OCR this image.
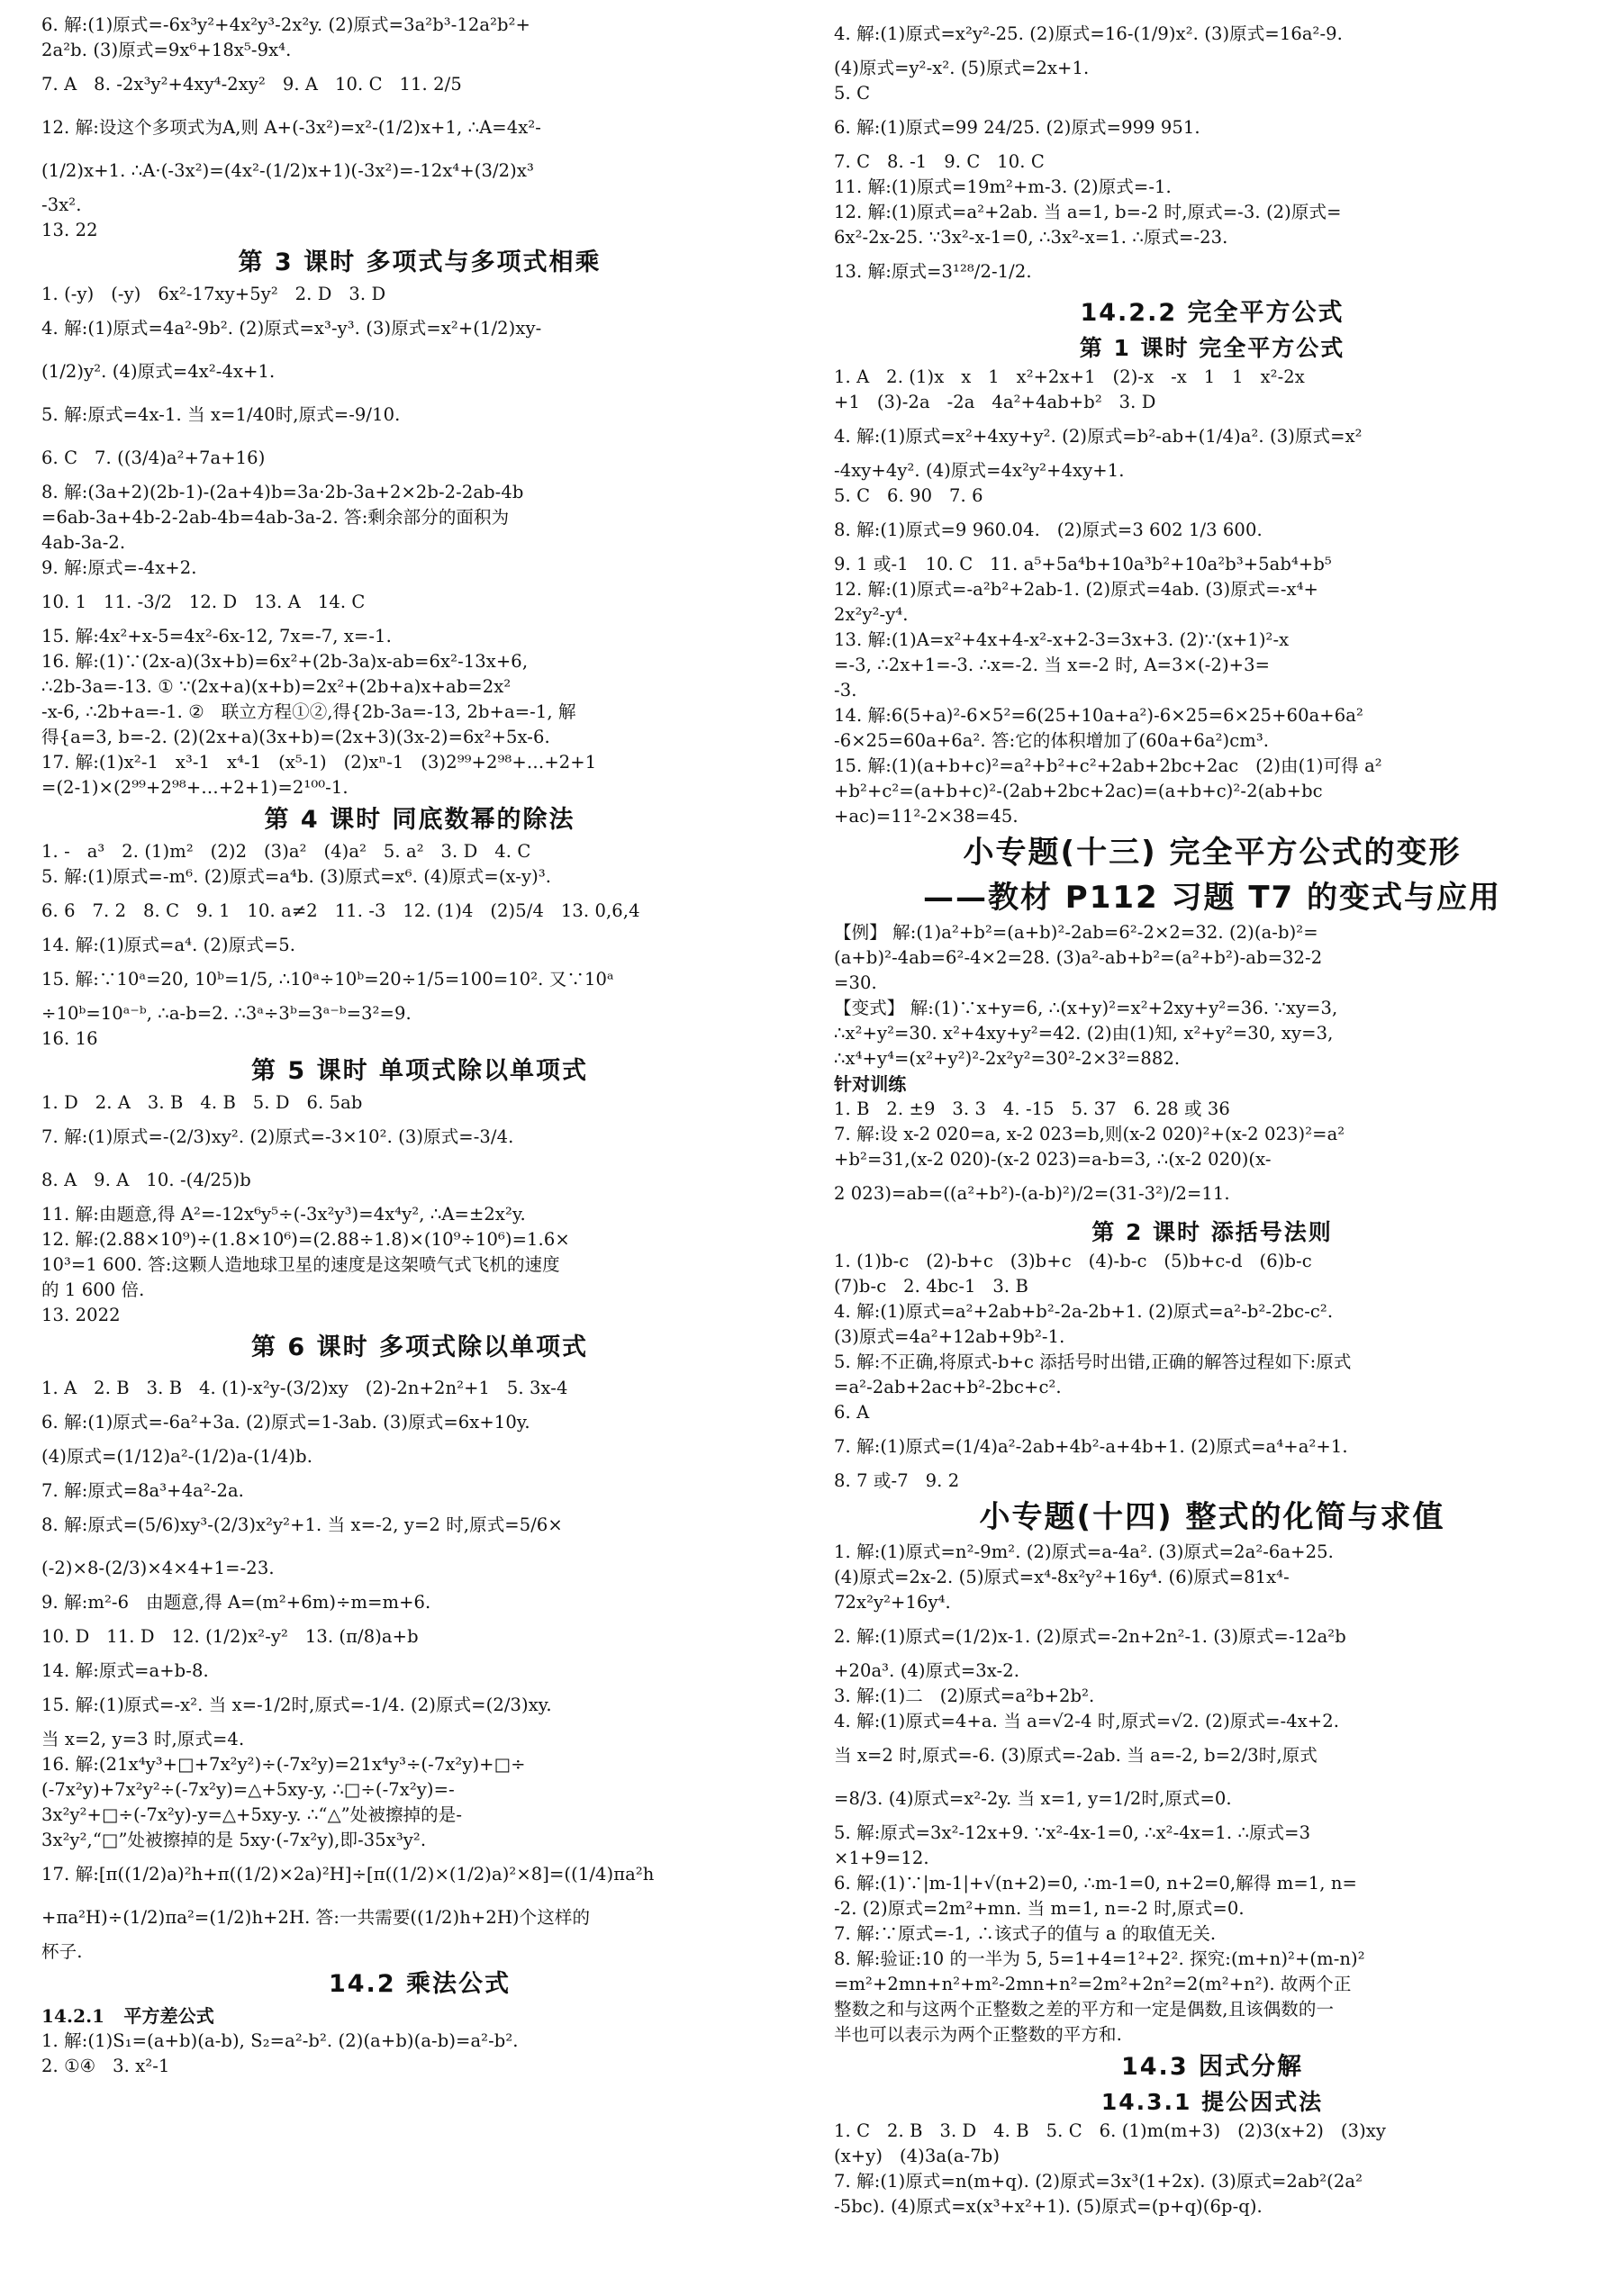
6. 解:(1)原式=-6x³y²+4x²y³-2x²y. (2)原式=3a²b³-12a²b²+
2a²b. (3)原式=9x⁶+18x⁵-9x⁴.
7. A   8. -2x³y²+4xy⁴-2xy²   9. A   10. C   11. 2/5
12. 解:设这个多项式为A,则 A+(-3x²)=x²-(1/2)x+1, ∴A=4x²-
(1/2)x+1. ∴A·(-3x²)=(4x²-(1/2)x+1)(-3x²)=-12x⁴+(3/2)x³
-3x².
13. 22
第 3 课时 多项式与多项式相乘
1. (-y)   (-y)   6x²-17xy+5y²   2. D   3. D
4. 解:(1)原式=4a²-9b². (2)原式=x³-y³. (3)原式=x²+(1/2)xy-
(1/2)y². (4)原式=4x²-4x+1.
5. 解:原式=4x-1. 当 x=1/40时,原式=-9/10.
6. C   7. ((3/4)a²+7a+16)
8. 解:(3a+2)(2b-1)-(2a+4)b=3a·2b-3a+2×2b-2-2ab-4b
=6ab-3a+4b-2-2ab-4b=4ab-3a-2. 答:剩余部分的面积为
4ab-3a-2.
9. 解:原式=-4x+2.
10. 1   11. -3/2   12. D   13. A   14. C
15. 解:4x²+x-5=4x²-6x-12, 7x=-7, x=-1.
16. 解:(1)∵(2x-a)(3x+b)=6x²+(2b-3a)x-ab=6x²-13x+6,
∴2b-3a=-13. ① ∵(2x+a)(x+b)=2x²+(2b+a)x+ab=2x²
-x-6, ∴2b+a=-1. ②   联立方程①②,得{2b-3a=-13, 2b+a=-1, 解
得{a=3, b=-2. (2)(2x+a)(3x+b)=(2x+3)(3x-2)=6x²+5x-6.
17. 解:(1)x²-1   x³-1   x⁴-1   (x⁵-1)   (2)xⁿ-1   (3)2⁹⁹+2⁹⁸+…+2+1
=(2-1)×(2⁹⁹+2⁹⁸+…+2+1)=2¹⁰⁰-1.
第 4 课时 同底数幂的除法
1. -   a³   2. (1)m²   (2)2   (3)a²   (4)a²   5. a²   3. D   4. C
5. 解:(1)原式=-m⁶. (2)原式=a⁴b. (3)原式=x⁶. (4)原式=(x-y)³.
6. 6   7. 2   8. C   9. 1   10. a≠2   11. -3   12. (1)4   (2)5/4   13. 0,6,4
14. 解:(1)原式=a⁴. (2)原式=5.
15. 解:∵10ᵃ=20, 10ᵇ=1/5, ∴10ᵃ÷10ᵇ=20÷1/5=100=10². 又∵10ᵃ
÷10ᵇ=10ᵃ⁻ᵇ, ∴a-b=2. ∴3ᵃ÷3ᵇ=3ᵃ⁻ᵇ=3²=9.
16. 16
第 5 课时 单项式除以单项式
1. D   2. A   3. B   4. B   5. D   6. 5ab
7. 解:(1)原式=-(2/3)xy². (2)原式=-3×10². (3)原式=-3/4.
8. A   9. A   10. -(4/25)b
11. 解:由题意,得 A²=-12x⁶y⁵÷(-3x²y³)=4x⁴y², ∴A=±2x²y.
12. 解:(2.88×10⁹)÷(1.8×10⁶)=(2.88÷1.8)×(10⁹÷10⁶)=1.6×
10³=1 600. 答:这颗人造地球卫星的速度是这架喷气式飞机的速度
的 1 600 倍.
13. 2022
第 6 课时 多项式除以单项式
1. A   2. B   3. B   4. (1)-x²y-(3/2)xy   (2)-2n+2n²+1   5. 3x-4
6. 解:(1)原式=-6a²+3a. (2)原式=1-3ab. (3)原式=6x+10y.
(4)原式=(1/12)a²-(1/2)a-(1/4)b.
7. 解:原式=8a³+4a²-2a.
8. 解:原式=(5/6)xy³-(2/3)x²y²+1. 当 x=-2, y=2 时,原式=5/6×
(-2)×8-(2/3)×4×4+1=-23.
9. 解:m²-6   由题意,得 A=(m²+6m)÷m=m+6.
10. D   11. D   12. (1/2)x²-y²   13. (π/8)a+b
14. 解:原式=a+b-8.
15. 解:(1)原式=-x². 当 x=-1/2时,原式=-1/4. (2)原式=(2/3)xy.
当 x=2, y=3 时,原式=4.
16. 解:(21x⁴y³+□+7x²y²)÷(-7x²y)=21x⁴y³÷(-7x²y)+□÷
(-7x²y)+7x²y²÷(-7x²y)=△+5xy-y, ∴□÷(-7x²y)=-
3x²y²+□÷(-7x²y)-y=△+5xy-y. ∴“△”处被擦掉的是-
3x²y²,“□”处被擦掉的是 5xy·(-7x²y),即-35x³y².
17. 解:[π((1/2)a)²h+π((1/2)×2a)²H]÷[π((1/2)×(1/2)a)²×8]=((1/4)πa²h
+πa²H)÷(1/2)πa²=(1/2)h+2H. 答:一共需要((1/2)h+2H)个这样的
杯子.
14.2 乘法公式
14.2.1   平方差公式
1. 解:(1)S₁=(a+b)(a-b), S₂=a²-b². (2)(a+b)(a-b)=a²-b².
2. ①④   3. x²-1
4. 解:(1)原式=x²y²-25. (2)原式=16-(1/9)x². (3)原式=16a²-9.
(4)原式=y²-x². (5)原式=2x+1.
5. C
6. 解:(1)原式=99 24/25. (2)原式=999 951.
7. C   8. -1   9. C   10. C
11. 解:(1)原式=19m²+m-3. (2)原式=-1.
12. 解:(1)原式=a²+2ab. 当 a=1, b=-2 时,原式=-3. (2)原式=
6x²-2x-25. ∵3x²-x-1=0, ∴3x²-x=1. ∴原式=-23.
13. 解:原式=3¹²⁸/2-1/2.
14.2.2 完全平方公式
第 1 课时 完全平方公式
1. A   2. (1)x   x   1   x²+2x+1   (2)-x   -x   1   1   x²-2x
+1   (3)-2a   -2a   4a²+4ab+b²   3. D
4. 解:(1)原式=x²+4xy+y². (2)原式=b²-ab+(1/4)a². (3)原式=x²
-4xy+4y². (4)原式=4x²y²+4xy+1.
5. C   6. 90   7. 6
8. 解:(1)原式=9 960.04.   (2)原式=3 602 1/3 600.
9. 1 或-1   10. C   11. a⁵+5a⁴b+10a³b²+10a²b³+5ab⁴+b⁵
12. 解:(1)原式=-a²b²+2ab-1. (2)原式=4ab. (3)原式=-x⁴+
2x²y²-y⁴.
13. 解:(1)A=x²+4x+4-x²-x+2-3=3x+3. (2)∵(x+1)²-x
=-3, ∴2x+1=-3. ∴x=-2. 当 x=-2 时, A=3×(-2)+3=
-3.
14. 解:6(5+a)²-6×5²=6(25+10a+a²)-6×25=6×25+60a+6a²
-6×25=60a+6a². 答:它的体积增加了(60a+6a²)cm³.
15. 解:(1)(a+b+c)²=a²+b²+c²+2ab+2bc+2ac   (2)由(1)可得 a²
+b²+c²=(a+b+c)²-(2ab+2bc+2ac)=(a+b+c)²-2(ab+bc
+ac)=11²-2×38=45.
小专题(十三) 完全平方公式的变形
——教材 P112 习题 T7 的变式与应用
【例】 解:(1)a²+b²=(a+b)²-2ab=6²-2×2=32. (2)(a-b)²=
(a+b)²-4ab=6²-4×2=28. (3)a²-ab+b²=(a²+b²)-ab=32-2
=30.
【变式】 解:(1)∵x+y=6, ∴(x+y)²=x²+2xy+y²=36. ∵xy=3,
∴x²+y²=30. x²+4xy+y²=42. (2)由(1)知, x²+y²=30, xy=3,
∴x⁴+y⁴=(x²+y²)²-2x²y²=30²-2×3²=882.
针对训练
1. B   2. ±9   3. 3   4. -15   5. 37   6. 28 或 36
7. 解:设 x-2 020=a, x-2 023=b,则(x-2 020)²+(x-2 023)²=a²
+b²=31,(x-2 020)-(x-2 023)=a-b=3, ∴(x-2 020)(x-
2 023)=ab=((a²+b²)-(a-b)²)/2=(31-3²)/2=11.
第 2 课时 添括号法则
1. (1)b-c   (2)-b+c   (3)b+c   (4)-b-c   (5)b+c-d   (6)b-c
(7)b-c   2. 4bc-1   3. B
4. 解:(1)原式=a²+2ab+b²-2a-2b+1. (2)原式=a²-b²-2bc-c².
(3)原式=4a²+12ab+9b²-1.
5. 解:不正确,将原式-b+c 添括号时出错,正确的解答过程如下:原式
=a²-2ab+2ac+b²-2bc+c².
6. A
7. 解:(1)原式=(1/4)a²-2ab+4b²-a+4b+1. (2)原式=a⁴+a²+1.
8. 7 或-7   9. 2
小专题(十四) 整式的化简与求值
1. 解:(1)原式=n²-9m². (2)原式=a-4a². (3)原式=2a²-6a+25.
(4)原式=2x-2. (5)原式=x⁴-8x²y²+16y⁴. (6)原式=81x⁴-
72x²y²+16y⁴.
2. 解:(1)原式=(1/2)x-1. (2)原式=-2n+2n²-1. (3)原式=-12a²b
+20a³. (4)原式=3x-2.
3. 解:(1)二   (2)原式=a²b+2b².
4. 解:(1)原式=4+a. 当 a=√2-4 时,原式=√2. (2)原式=-4x+2.
当 x=2 时,原式=-6. (3)原式=-2ab. 当 a=-2, b=2/3时,原式
=8/3. (4)原式=x²-2y. 当 x=1, y=1/2时,原式=0.
5. 解:原式=3x²-12x+9. ∵x²-4x-1=0, ∴x²-4x=1. ∴原式=3
×1+9=12.
6. 解:(1)∵|m-1|+√(n+2)=0, ∴m-1=0, n+2=0,解得 m=1, n=
-2. (2)原式=2m²+mn. 当 m=1, n=-2 时,原式=0.
7. 解:∵原式=-1, ∴该式子的值与 a 的取值无关.
8. 解:验证:10 的一半为 5, 5=1+4=1²+2². 探究:(m+n)²+(m-n)²
=m²+2mn+n²+m²-2mn+n²=2m²+2n²=2(m²+n²). 故两个正
整数之和与这两个正整数之差的平方和一定是偶数,且该偶数的一
半也可以表示为两个正整数的平方和.
14.3 因式分解
14.3.1 提公因式法
1. C   2. B   3. D   4. B   5. C   6. (1)m(m+3)   (2)3(x+2)   (3)xy
(x+y)   (4)3a(a-7b)
7. 解:(1)原式=n(m+q). (2)原式=3x³(1+2x). (3)原式=2ab²(2a²
-5bc). (4)原式=x(x³+x²+1). (5)原式=(p+q)(6p-q).
